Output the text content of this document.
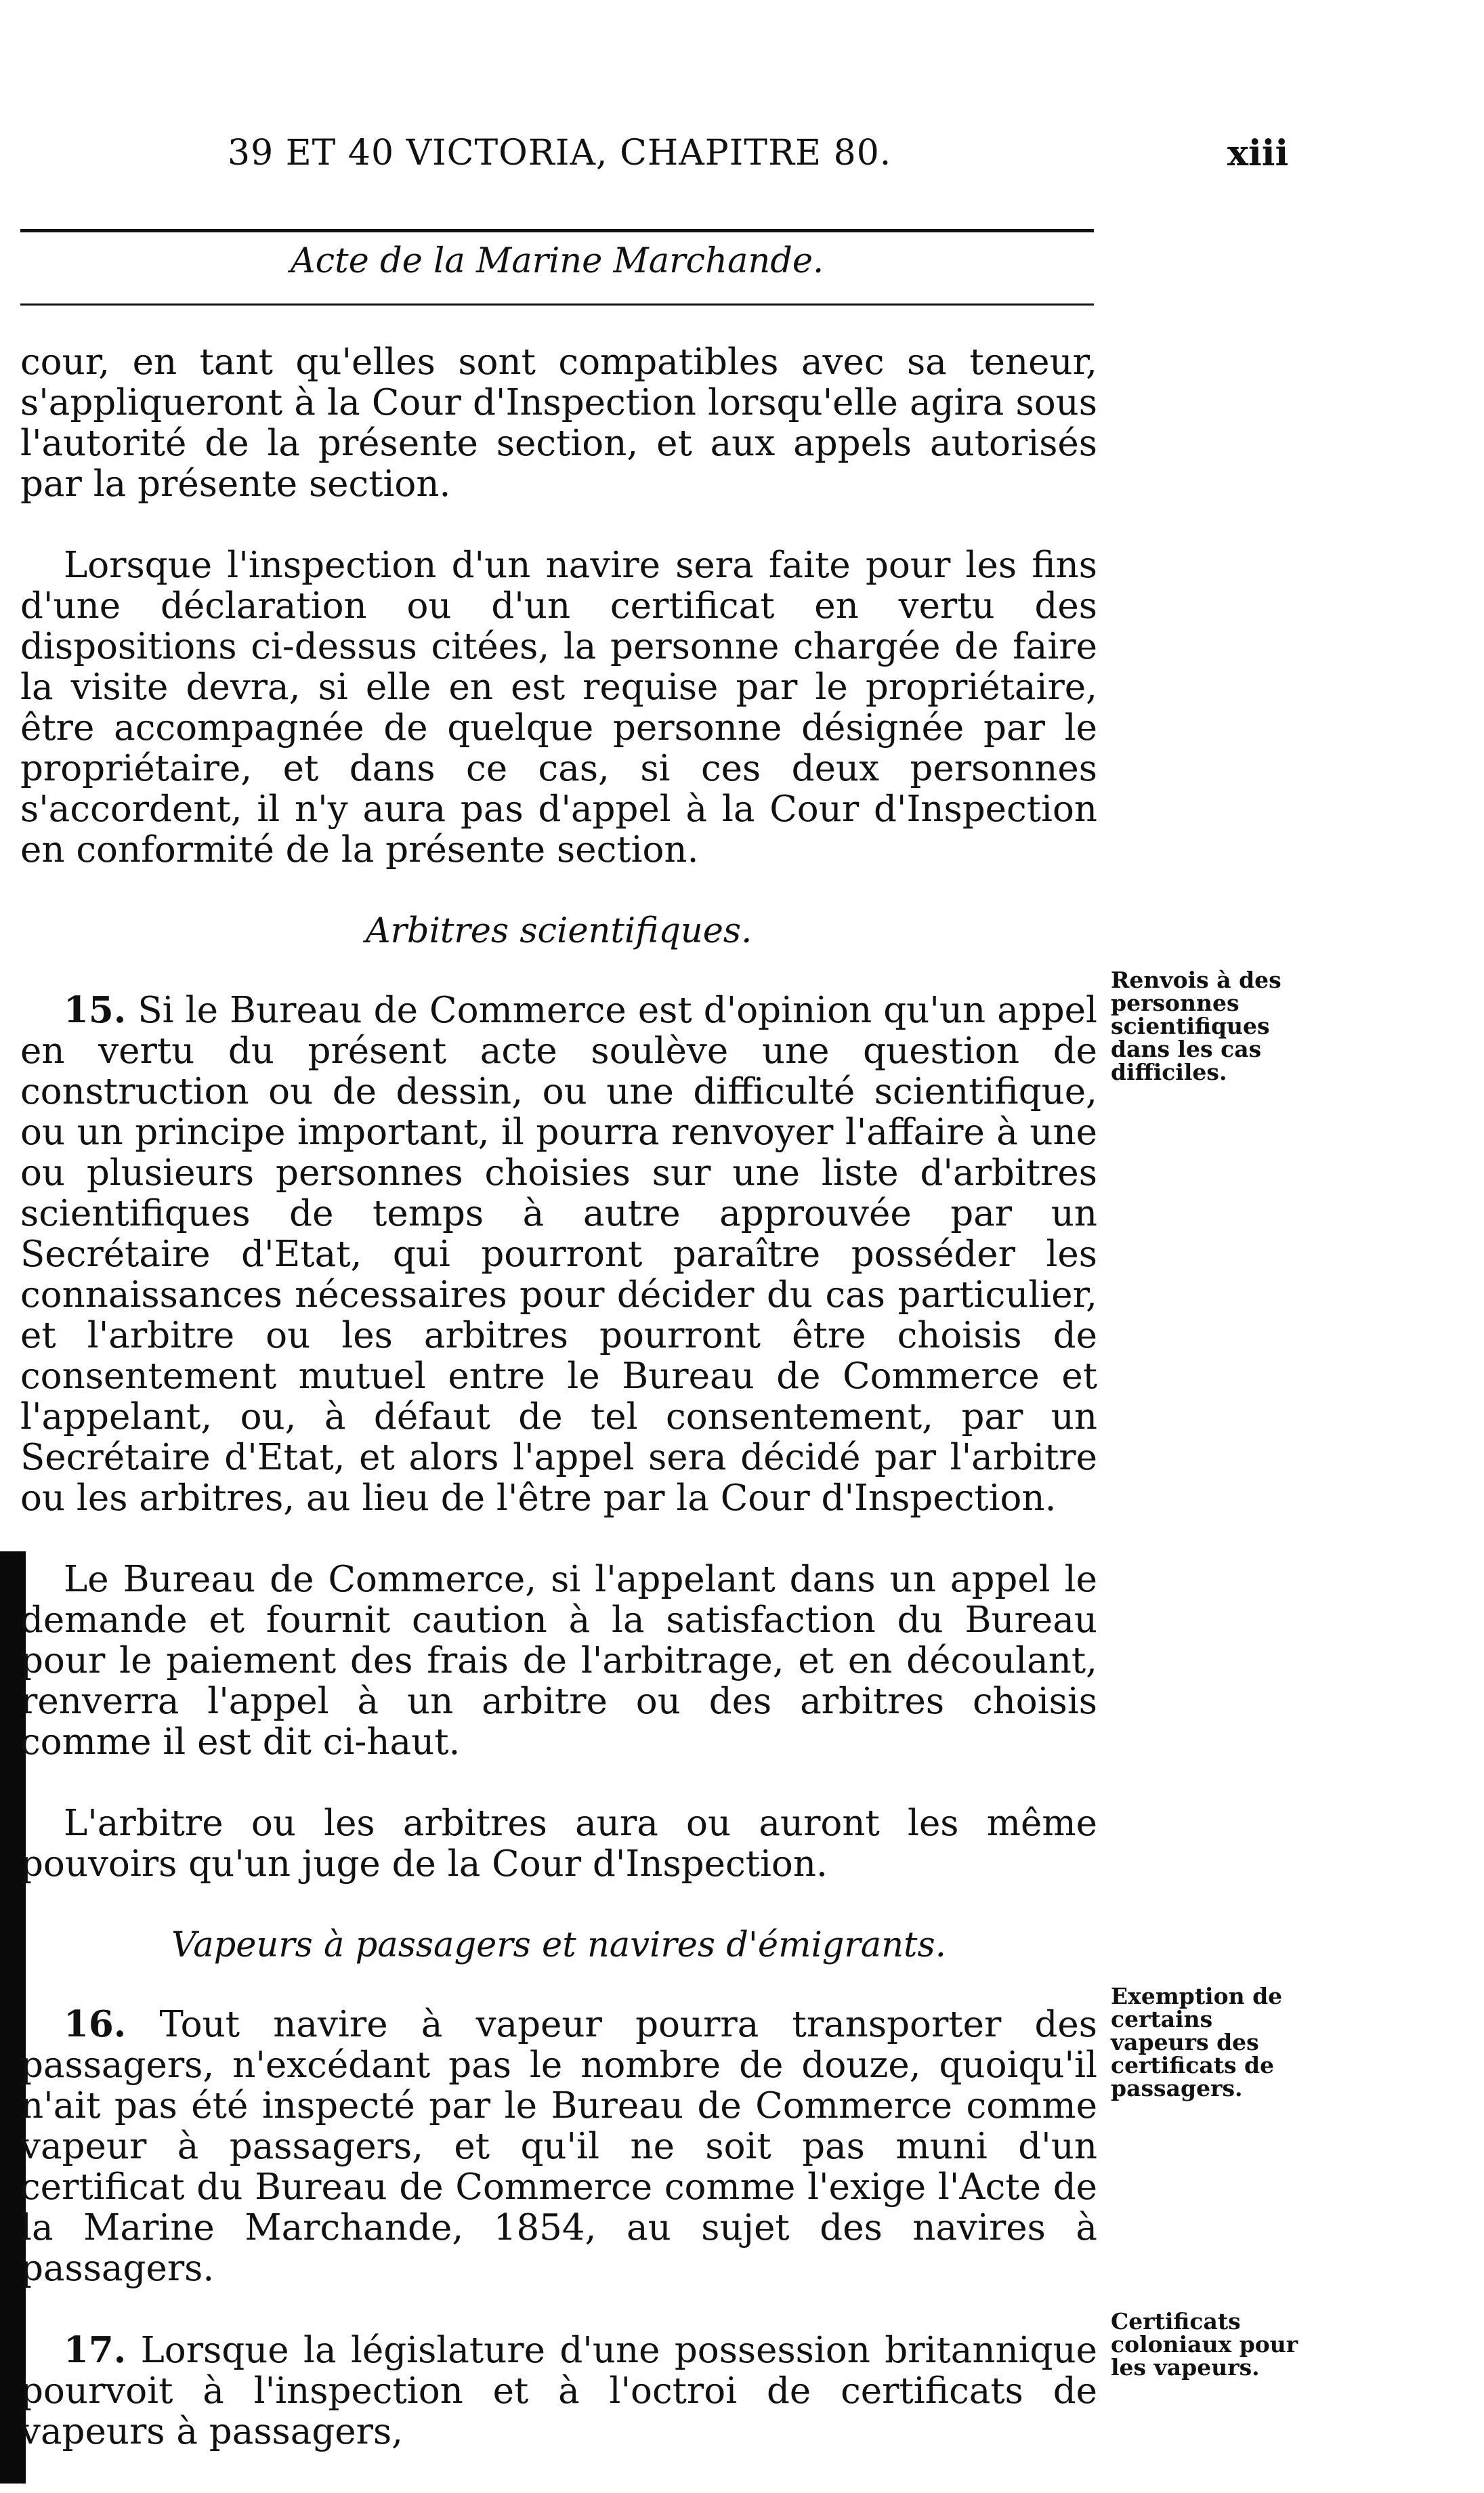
39 ET 40 VICTORIA, CHAPITRE 80.	xiii
Acte de la Marine Marchande.

cour, en tant qu'elles sont compatibles avec sa teneur, s'appliqueront à la Cour d'Inspection lorsqu'elle agira sous l'autorité de la présente section, et aux appels autorisés par la présente section.

Lorsque l'inspection d'un navire sera faite pour les fins d'une déclaration ou d'un certificat en vertu des dispositions ci-dessus citées, la personne chargée de faire la visite devra, si elle en est requise par le propriétaire, être accompagnée de quelque personne désignée par le propriétaire, et dans ce cas, si ces deux personnes s'accordent, il n'y aura pas d'appel à la Cour d'Inspection en conformité de la présente section.

Arbitres scientifiques.

15. Si le Bureau de Commerce est d'opinion qu'un appel en vertu du présent acte soulève une question de construction ou de dessin, ou une difficulté scientifique, ou un principe important, il pourra renvoyer l'affaire à une ou plusieurs personnes choisies sur une liste d'arbitres scientifiques de temps à autre approuvée par un Secrétaire d'Etat, qui pourront paraître posséder les connaissances nécessaires pour décider du cas particulier, et l'arbitre ou les arbitres pourront être choisis de consentement mutuel entre le Bureau de Commerce et l'appelant, ou, à défaut de tel consentement, par un Secrétaire d'Etat, et alors l'appel sera décidé par l'arbitre ou les arbitres, au lieu de l'être par la Cour d'Inspection.

Le Bureau de Commerce, si l'appelant dans un appel le demande et fournit caution à la satisfaction du Bureau pour le paiement des frais de l'arbitrage, et en découlant, renverra l'appel à un arbitre ou des arbitres choisis comme il est dit ci-haut.

L'arbitre ou les arbitres aura ou auront les même pouvoirs qu'un juge de la Cour d'Inspection.

Vapeurs à passagers et navires d'émigrants.

16. Tout navire à vapeur pourra transporter des passagers, n'excédant pas le nombre de douze, quoiqu'il n'ait pas été inspecté par le Bureau de Commerce comme vapeur à passagers, et qu'il ne soit pas muni d'un certificat du Bureau de Commerce comme l'exige l'Acte de la Marine Marchande, 1854, au sujet des navires à passagers.

17. Lorsque la législature d'une possession britannique pourvoit à l'inspection et à l'octroi de certificats de vapeurs à passagers,

Renvois à des personnes scientifiques dans les cas difficiles.
Exemption de certains vapeurs des certificats de passagers.
Certificats coloniaux pour les vapeurs.
